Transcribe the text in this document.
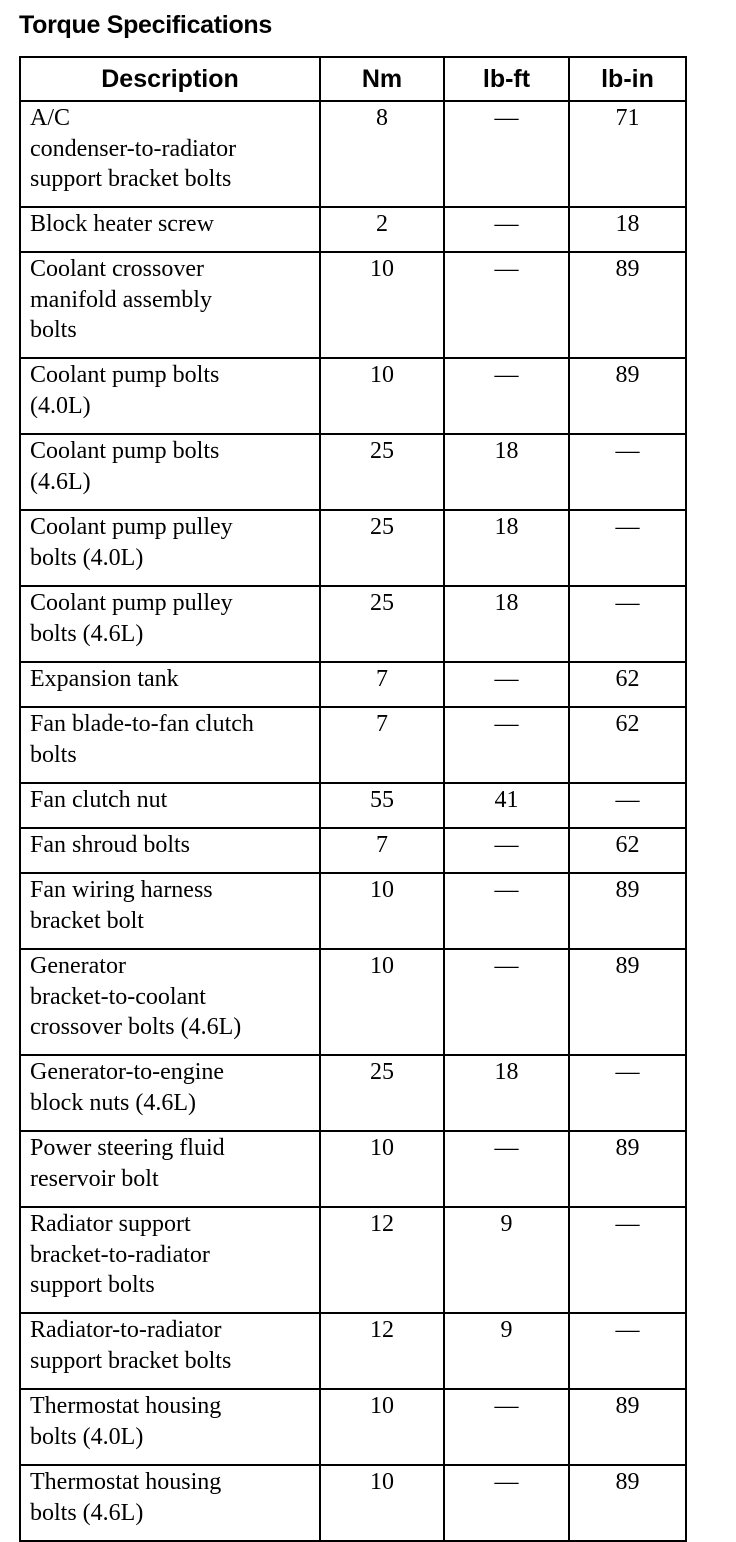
Torque Specifications
Description	Nm	lb-ft	lb-in
A/C
condenser-to-radiator
support bracket bolts	8	—	71
Block heater screw	2	—	18
Coolant crossover
manifold assembly
bolts	10	—	89
Coolant pump bolts
(4.0L)	10	—	89
Coolant pump bolts
(4.6L)	25	18	—
Coolant pump pulley
bolts (4.0L)	25	18	—
Coolant pump pulley
bolts (4.6L)	25	18	—
Expansion tank	7	—	62
Fan blade-to-fan clutch
bolts	7	—	62
Fan clutch nut	55	41	—
Fan shroud bolts	7	—	62
Fan wiring harness
bracket bolt	10	—	89
Generator
bracket-to-coolant
crossover bolts (4.6L)	10	—	89
Generator-to-engine
block nuts (4.6L)	25	18	—
Power steering fluid
reservoir bolt	10	—	89
Radiator support
bracket-to-radiator
support bolts	12	9	—
Radiator-to-radiator
support bracket bolts	12	9	—
Thermostat housing
bolts (4.0L)	10	—	89
Thermostat housing
bolts (4.6L)	10	—	89
